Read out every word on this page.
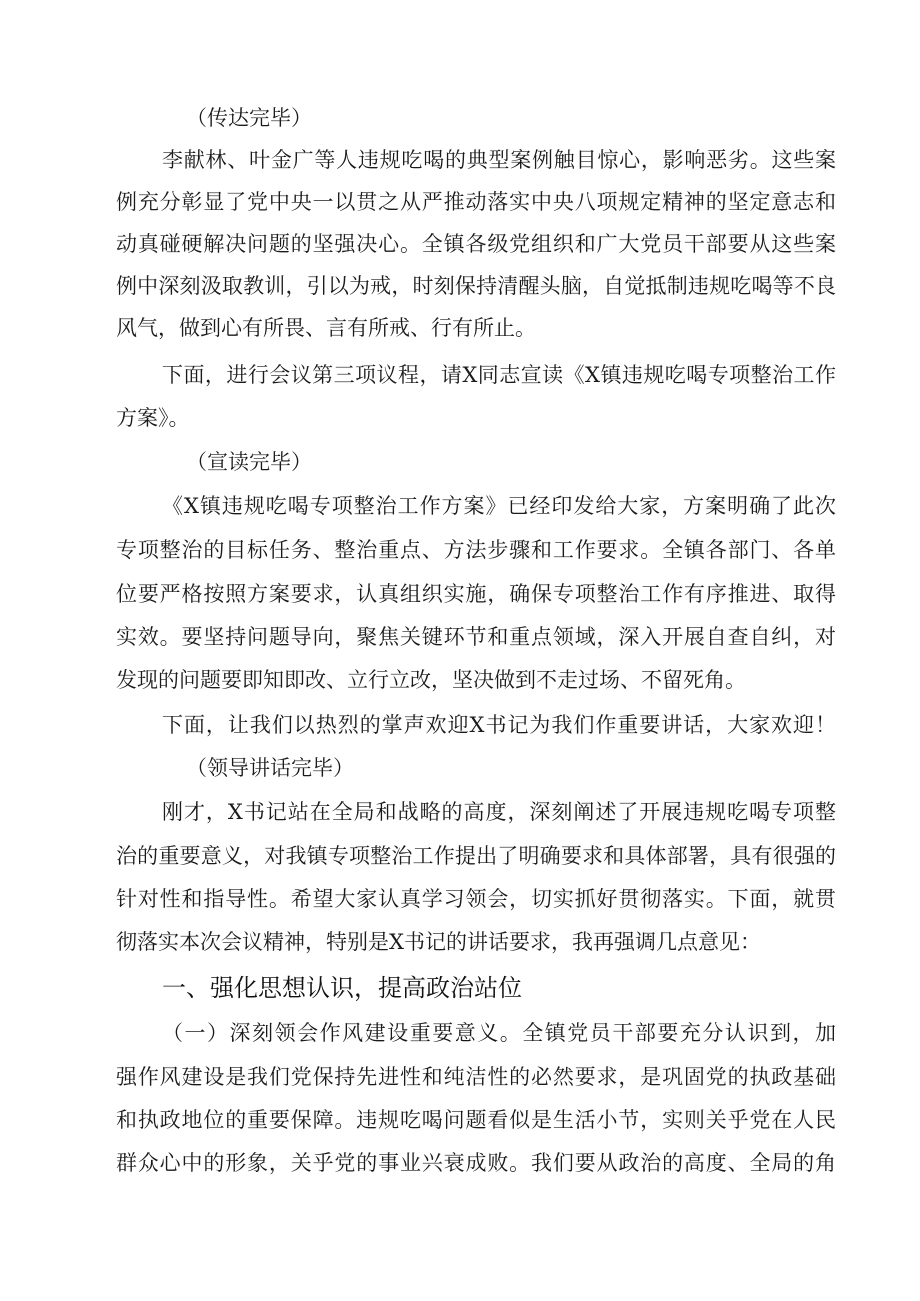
（传达完毕）
李献林、叶金广等人违规吃喝的典型案例触目惊心，影响恶劣。这些案
例充分彰显了党中央一以贯之从严推动落实中央八项规定精神的坚定意志和
动真碰硬解决问题的坚强决心。全镇各级党组织和广大党员干部要从这些案
例中深刻汲取教训，引以为戒，时刻保持清醒头脑，自觉抵制违规吃喝等不良
风气，做到心有所畏、言有所戒、行有所止。
下面，进行会议第三项议程，请X同志宣读《X镇违规吃喝专项整治工作
方案》。
（宣读完毕）
《X镇违规吃喝专项整治工作方案》已经印发给大家，方案明确了此次
专项整治的目标任务、整治重点、方法步骤和工作要求。全镇各部门、各单
位要严格按照方案要求，认真组织实施，确保专项整治工作有序推进、取得
实效。要坚持问题导向，聚焦关键环节和重点领域，深入开展自查自纠，对
发现的问题要即知即改、立行立改，坚决做到不走过场、不留死角。
下面，让我们以热烈的掌声欢迎X书记为我们作重要讲话，大家欢迎！
（领导讲话完毕）
刚才，X书记站在全局和战略的高度，深刻阐述了开展违规吃喝专项整
治的重要意义，对我镇专项整治工作提出了明确要求和具体部署，具有很强的
针对性和指导性。希望大家认真学习领会，切实抓好贯彻落实。下面，就贯
彻落实本次会议精神，特别是X书记的讲话要求，我再强调几点意见：
一、强化思想认识，提高政治站位
（一）深刻领会作风建设重要意义。全镇党员干部要充分认识到，加
强作风建设是我们党保持先进性和纯洁性的必然要求，是巩固党的执政基础
和执政地位的重要保障。违规吃喝问题看似是生活小节，实则关乎党在人民
群众心中的形象，关乎党的事业兴衰成败。我们要从政治的高度、全局的角
